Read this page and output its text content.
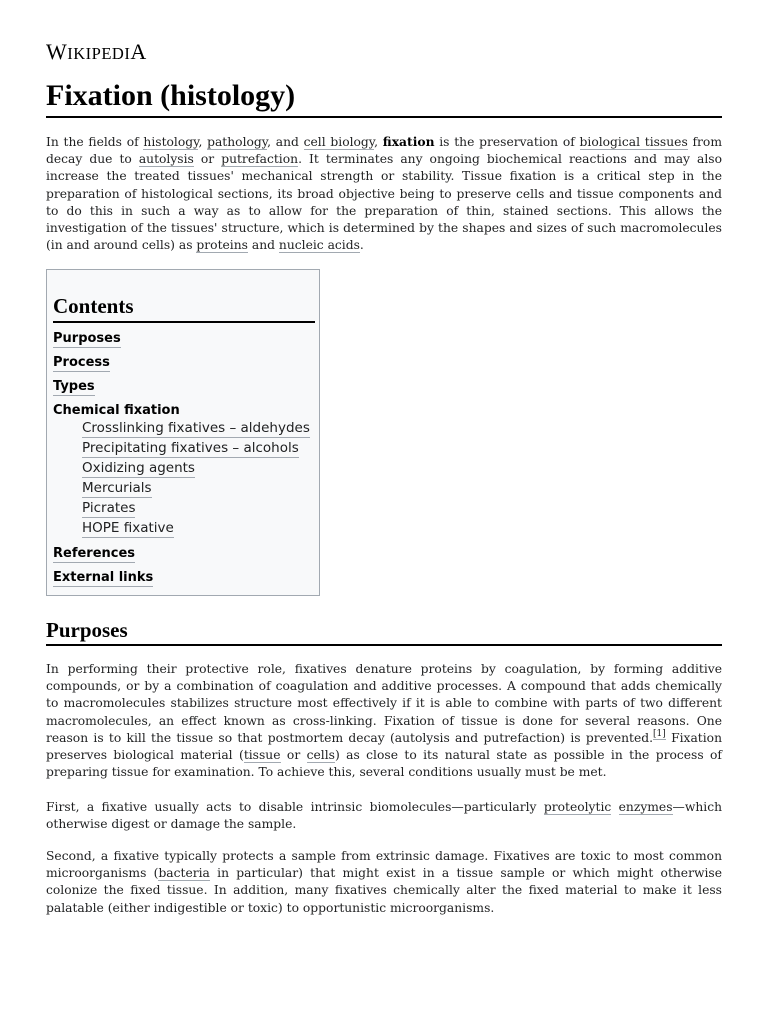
WIKIPEDIA
Fixation (histology)

In the fields of histology, pathology, and cell biology, fixation is the preservation of biological tissues from decay due to autolysis or putrefaction. It terminates any ongoing biochemical reactions and may also increase the treated tissues' mechanical strength or stability. Tissue fixation is a critical step in the preparation of histological sections, its broad objective being to preserve cells and tissue components and to do this in such a way as to allow for the preparation of thin, stained sections. This allows the investigation of the tissues' structure, which is determined by the shapes and sizes of such macromolecules (in and around cells) as proteins and nucleic acids.

Contents
Purposes
Process
Types
Chemical fixation
Crosslinking fixatives – aldehydes
Precipitating fixatives – alcohols
Oxidizing agents
Mercurials
Picrates
HOPE fixative
References
External links
Purposes

In performing their protective role, fixatives denature proteins by coagulation, by forming additive compounds, or by a combination of coagulation and additive processes. A compound that adds chemically to macromolecules stabilizes structure most effectively if it is able to combine with parts of two different macromolecules, an effect known as cross-linking. Fixation of tissue is done for several reasons. One reason is to kill the tissue so that postmortem decay (autolysis and putrefaction) is prevented.[1] Fixation preserves biological material (tissue or cells) as close to its natural state as possible in the process of preparing tissue for examination. To achieve this, several conditions usually must be met.

First, a fixative usually acts to disable intrinsic biomolecules—particularly proteolytic enzymes—which otherwise digest or damage the sample.

Second, a fixative typically protects a sample from extrinsic damage. Fixatives are toxic to most common microorganisms (bacteria in particular) that might exist in a tissue sample or which might otherwise colonize the fixed tissue. In addition, many fixatives chemically alter the fixed material to make it less palatable (either indigestible or toxic) to opportunistic microorganisms.
